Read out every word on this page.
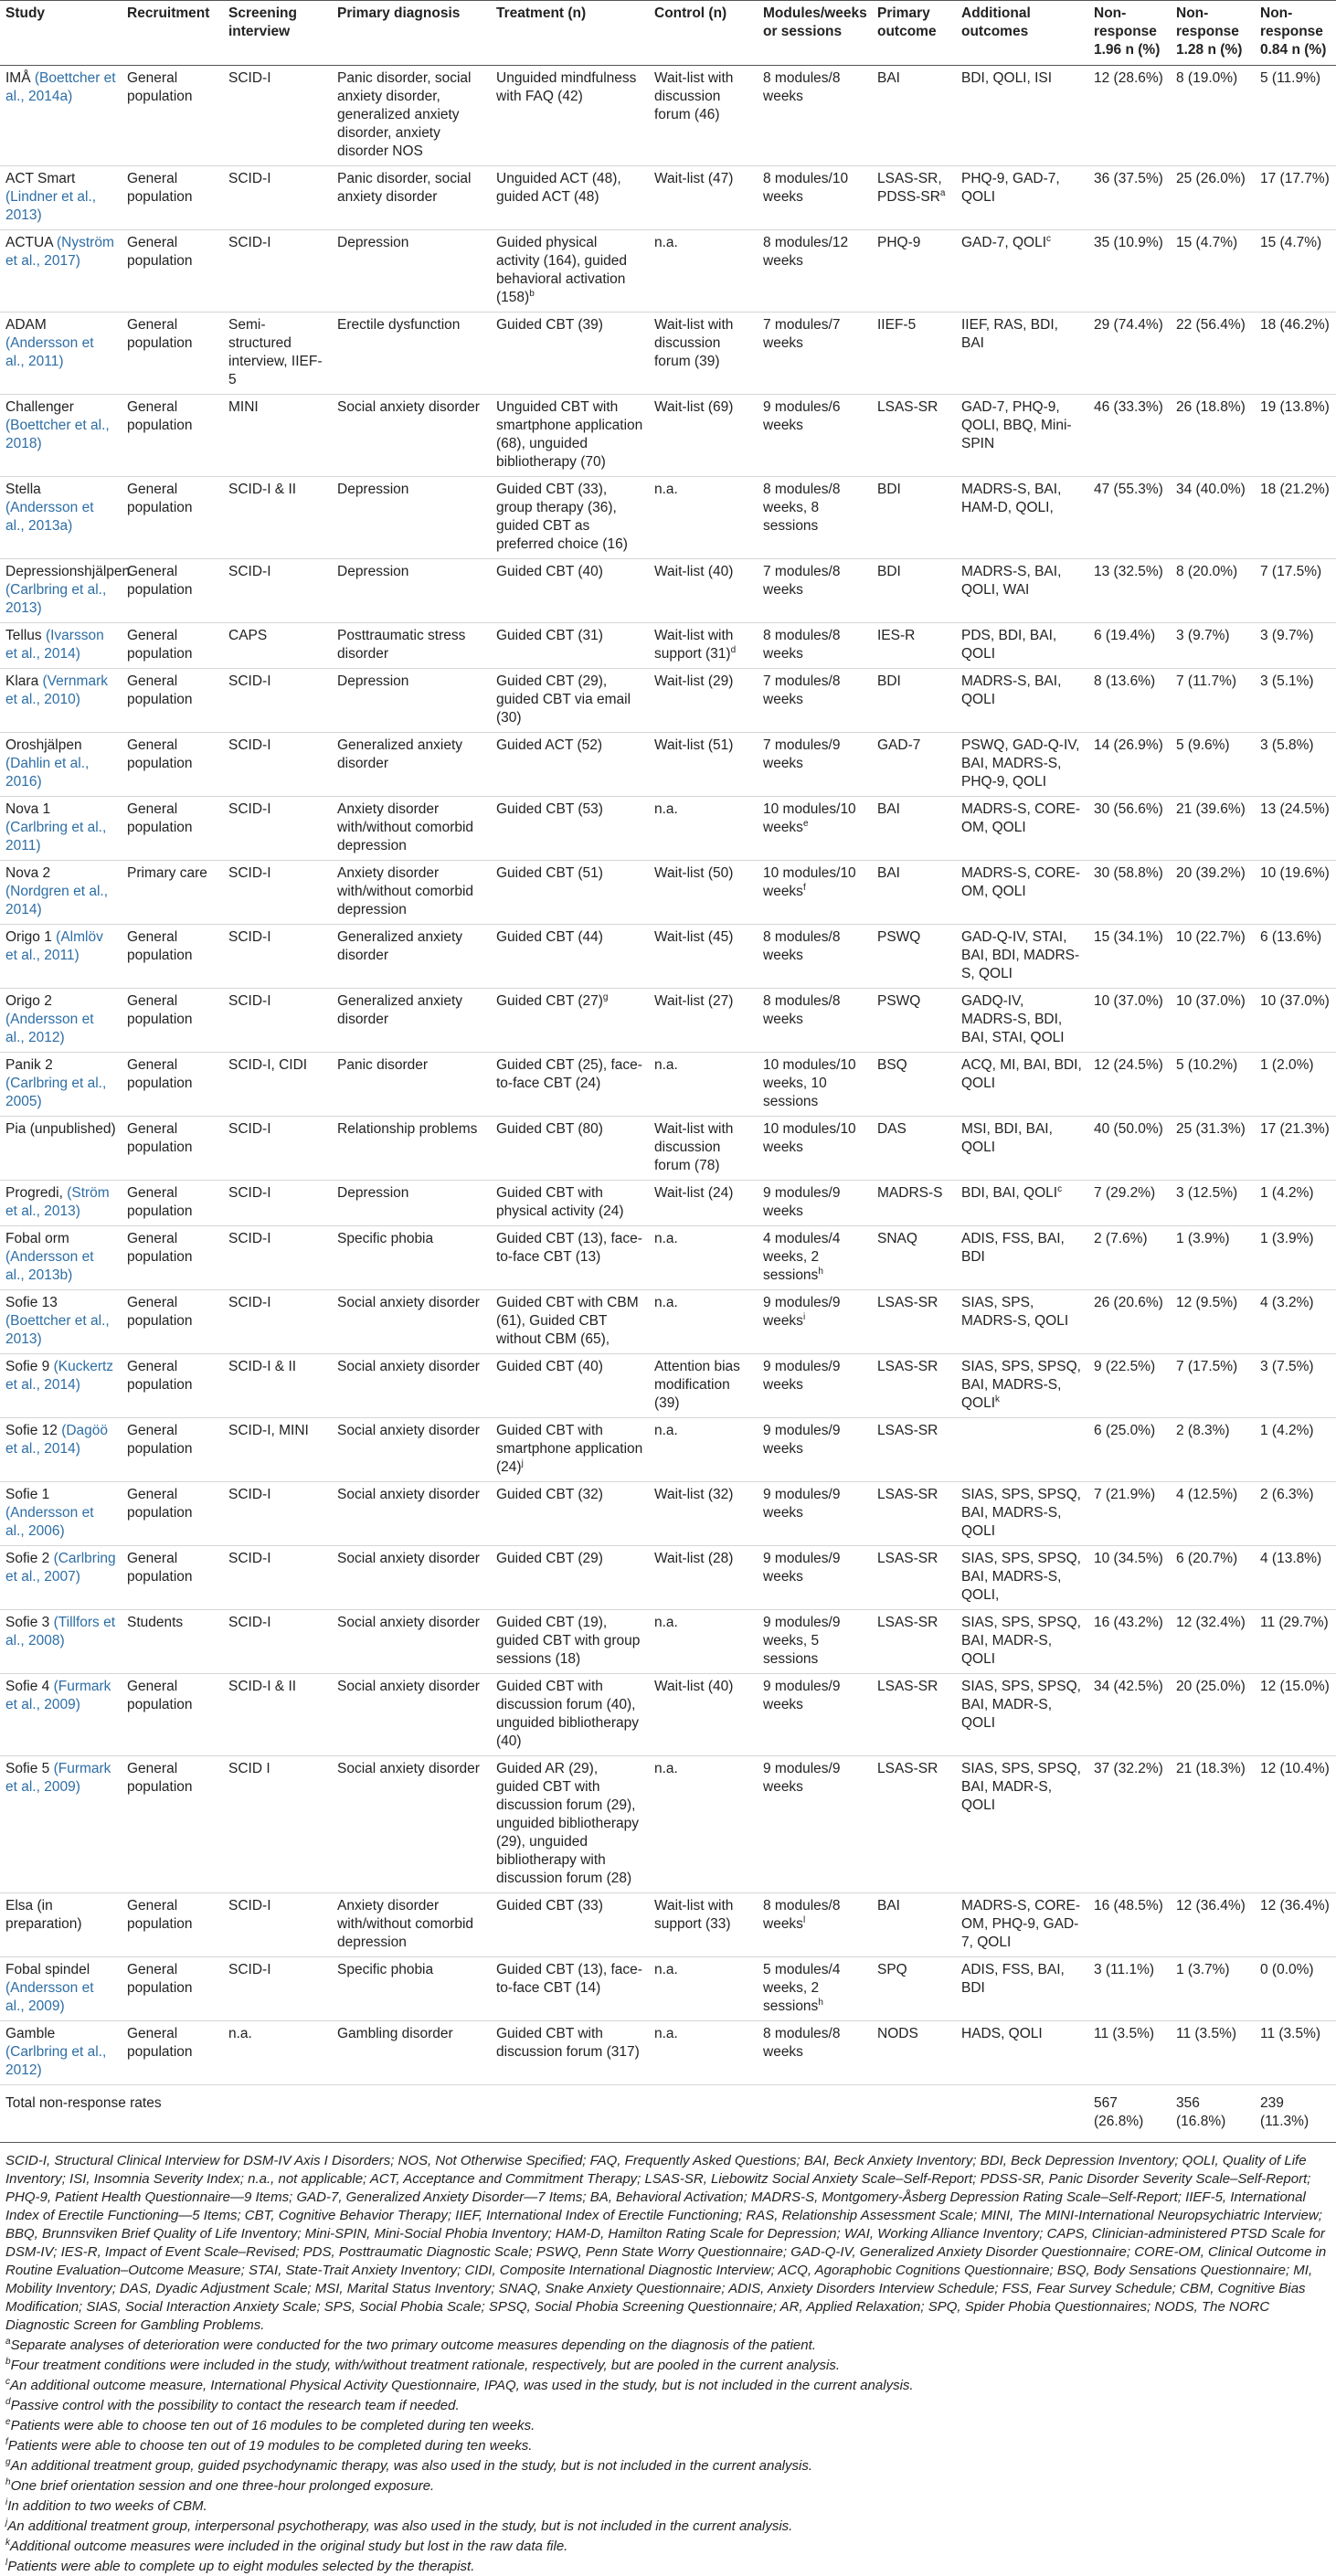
Study	Recruitment	Screening interview	Primary diagnosis	Treatment (n)	Control (n)	Modules/weeks or sessions	Primary outcome	Additional outcomes	Non-response 1.96 n (%)	Non-response 1.28 n (%)	Non-response 0.84 n (%)
IMÅ (Boettcher et al., 2014a)	General population	SCID-I	Panic disorder, social anxiety disorder, generalized anxiety disorder, anxiety disorder NOS	Unguided mindfulness with FAQ (42)	Wait-list with discussion forum (46)	8 modules/8 weeks	BAI	BDI, QOLI, ISI	12 (28.6%)	8 (19.0%)	5 (11.9%)
ACT Smart (Lindner et al., 2013)	General population	SCID-I	Panic disorder, social anxiety disorder	Unguided ACT (48), guided ACT (48)	Wait-list (47)	8 modules/10 weeks	LSAS-SR, PDSS-$SR^a$	PHQ-9, GAD-7, QOLI	36 (37.5%)	25 (26.0%)	17 (17.7%)
ACTUA (Nyström et al., 2017)	General population	SCID-I	Depression	Guided physical activity (164), guided behavioral activation $(158)^b$	n.a.	8 modules/12 weeks	PHQ-9	GAD-7, QOLI$^c$	35 (10.9%)	15 (4.7%)	15 (4.7%)
ADAM (Andersson et al., 2011)	General population	Semi-structured interview, IIEF-5	Erectile dysfunction	Guided CBT (39)	Wait-list with discussion forum (39)	7 modules/7 weeks	IIEF-5	IIEF, RAS, BDI, BAI	29 (74.4%)	22 (56.4%)	18 (46.2%)
Challenger (Boettcher et al., 2018)	General population	MINI	Social anxiety disorder	Unguided CBT with smartphone application (68), unguided bibliotherapy (70)	Wait-list (69)	9 modules/6 weeks	LSAS-SR	GAD-7, PHQ-9, QOLI, BBQ, Mini-SPIN	46 (33.3%)	26 (18.8%)	19 (13.8%)
Stella (Andersson et al., 2013a)	General population	SCID-I & II	Depression	Guided CBT (33), group therapy (36), guided CBT as preferred choice (16)	n.a.	8 modules/8 weeks, 8 sessions	BDI	MADRS-S, BAI, HAM-D, QOLI,	47 (55.3%)	34 (40.0%)	18 (21.2%)
Depressionshjälpen (Carlbring et al., 2013)	General population	SCID-I	Depression	Guided CBT (40)	Wait-list (40)	7 modules/8 weeks	BDI	MADRS-S, BAI, QOLI, WAI	13 (32.5%)	8 (20.0%)	7 (17.5%)
Tellus (Ivarsson et al., 2014)	General population	CAPS	Posttraumatic stress disorder	Guided CBT (31)	Wait-list with support $(31)^d$	8 modules/8 weeks	IES-R	PDS, BDI, BAI, QOLI	6 (19.4%)	3 (9.7%)	3 (9.7%)
Klara (Vernmark et al., 2010)	General population	SCID-I	Depression	Guided CBT (29), guided CBT via email (30)	Wait-list (29)	7 modules/8 weeks	BDI	MADRS-S, BAI, QOLI	8 (13.6%)	7 (11.7%)	3 (5.1%)
Oroshjälpen (Dahlin et al., 2016)	General population	SCID-I	Generalized anxiety disorder	Guided ACT (52)	Wait-list (51)	7 modules/9 weeks	GAD-7	PSWQ, GAD-Q-IV, BAI, MADRS-S, PHQ-9, QOLI	14 (26.9%)	5 (9.6%)	3 (5.8%)
Nova 1 (Carlbring et al., 2011)	General population	SCID-I	Anxiety disorder with/without comorbid depression	Guided CBT (53)	n.a.	10 modules/10 weeks$^e$	BAI	MADRS-S, CORE-OM, QOLI	30 (56.6%)	21 (39.6%)	13 (24.5%)
Nova 2 (Nordgren et al., 2014)	Primary care	SCID-I	Anxiety disorder with/without comorbid depression	Guided CBT (51)	Wait-list (50)	10 modules/10 weeks$^f$	BAI	MADRS-S, CORE-OM, QOLI	30 (58.8%)	20 (39.2%)	10 (19.6%)
Origo 1 (Almlöv et al., 2011)	General population	SCID-I	Generalized anxiety disorder	Guided CBT (44)	Wait-list (45)	8 modules/8 weeks	PSWQ	GAD-Q-IV, STAI, BAI, BDI, MADRS-S, QOLI	15 (34.1%)	10 (22.7%)	6 (13.6%)
Origo 2 (Andersson et al., 2012)	General population	SCID-I	Generalized anxiety disorder	Guided CBT $(27)^g$	Wait-list (27)	8 modules/8 weeks	PSWQ	GADQ-IV, MADRS-S, BDI, BAI, STAI, QOLI	10 (37.0%)	10 (37.0%)	10 (37.0%)
Panik 2 (Carlbring et al., 2005)	General population	SCID-I, CIDI	Panic disorder	Guided CBT (25), face-to-face CBT (24)	n.a.	10 modules/10 weeks, 10 sessions	BSQ	ACQ, MI, BAI, BDI, QOLI	12 (24.5%)	5 (10.2%)	1 (2.0%)
Pia (unpublished)	General population	SCID-I	Relationship problems	Guided CBT (80)	Wait-list with discussion forum (78)	10 modules/10 weeks	DAS	MSI, BDI, BAI, QOLI	40 (50.0%)	25 (31.3%)	17 (21.3%)
Progredi, (Ström et al., 2013)	General population	SCID-I	Depression	Guided CBT with physical activity (24)	Wait-list (24)	9 modules/9 weeks	MADRS-S	BDI, BAI, QOLI$^c$	7 (29.2%)	3 (12.5%)	1 (4.2%)
Fobal orm (Andersson et al., 2013b)	General population	SCID-I	Specific phobia	Guided CBT (13), face-to-face CBT (13)	n.a.	4 modules/4 weeks, 2 sessions$^h$	SNAQ	ADIS, FSS, BAI, BDI	2 (7.6%)	1 (3.9%)	1 (3.9%)
Sofie 13 (Boettcher et al., 2013)	General population	SCID-I	Social anxiety disorder	Guided CBT with CBM (61), Guided CBT without CBM (65),	n.a.	9 modules/9 weeks$^i$	LSAS-SR	SIAS, SPS, MADRS-S, QOLI	26 (20.6%)	12 (9.5%)	4 (3.2%)
Sofie 9 (Kuckertz et al., 2014)	General population	SCID-I & II	Social anxiety disorder	Guided CBT (40)	Attention bias modification (39)	9 modules/9 weeks	LSAS-SR	SIAS, SPS, SPSQ, BAI, MADRS-S, QOLI$^k$	9 (22.5%)	7 (17.5%)	3 (7.5%)
Sofie 12 (Dagöö et al., 2014)	General population	SCID-I, MINI	Social anxiety disorder	Guided CBT with smartphone application $(24)^j$	n.a.	9 modules/9 weeks	LSAS-SR		6 (25.0%)	2 (8.3%)	1 (4.2%)
Sofie 1 (Andersson et al., 2006)	General population	SCID-I	Social anxiety disorder	Guided CBT (32)	Wait-list (32)	9 modules/9 weeks	LSAS-SR	SIAS, SPS, SPSQ, BAI, MADRS-S, QOLI	7 (21.9%)	4 (12.5%)	2 (6.3%)
Sofie 2 (Carlbring et al., 2007)	General population	SCID-I	Social anxiety disorder	Guided CBT (29)	Wait-list (28)	9 modules/9 weeks	LSAS-SR	SIAS, SPS, SPSQ, BAI, MADRS-S, QOLI,	10 (34.5%)	6 (20.7%)	4 (13.8%)
Sofie 3 (Tillfors et al., 2008)	Students	SCID-I	Social anxiety disorder	Guided CBT (19), guided CBT with group sessions (18)	n.a.	9 modules/9 weeks, 5 sessions	LSAS-SR	SIAS, SPS, SPSQ, BAI, MADR-S, QOLI	16 (43.2%)	12 (32.4%)	11 (29.7%)
Sofie 4 (Furmark et al., 2009)	General population	SCID-I & II	Social anxiety disorder	Guided CBT with discussion forum (40), unguided bibliotherapy (40)	Wait-list (40)	9 modules/9 weeks	LSAS-SR	SIAS, SPS, SPSQ, BAI, MADR-S, QOLI	34 (42.5%)	20 (25.0%)	12 (15.0%)
Sofie 5 (Furmark et al., 2009)	General population	SCID I	Social anxiety disorder	Guided AR (29), guided CBT with discussion forum (29), unguided bibliotherapy (29), unguided bibliotherapy with discussion forum (28)	n.a.	9 modules/9 weeks	LSAS-SR	SIAS, SPS, SPSQ, BAI, MADR-S, QOLI	37 (32.2%)	21 (18.3%)	12 (10.4%)
Elsa (in preparation)	General population	SCID-I	Anxiety disorder with/without comorbid depression	Guided CBT (33)	Wait-list with support (33)	8 modules/8 weeks$^l$	BAI	MADRS-S, CORE-OM, PHQ-9, GAD-7, QOLI	16 (48.5%)	12 (36.4%)	12 (36.4%)
Fobal spindel (Andersson et al., 2009)	General population	SCID-I	Specific phobia	Guided CBT (13), face-to-face CBT (14)	n.a.	5 modules/4 weeks, 2 sessions$^h$	SPQ	ADIS, FSS, BAI, BDI	3 (11.1%)	1 (3.7%)	0 (0.0%)
Gamble (Carlbring et al., 2012)	General population	n.a.	Gambling disorder	Guided CBT with discussion forum (317)	n.a.	8 modules/8 weeks	NODS	HADS, QOLI	11 (3.5%)	11 (3.5%)	11 (3.5%)
Total non-response rates									567 (26.8%)	356 (16.8%)	239 (11.3%)

SCID-I, Structural Clinical Interview for DSM-IV Axis I Disorders; NOS, Not Otherwise Specified; FAQ, Frequently Asked Questions; BAI, Beck Anxiety Inventory; BDI, Beck Depression Inventory; QOLI, Quality of Life Inventory; ISI, Insomnia Severity Index; n.a., not applicable; ACT, Acceptance and Commitment Therapy; LSAS-SR, Liebowitz Social Anxiety Scale–Self-Report; PDSS-SR, Panic Disorder Severity Scale–Self-Report; PHQ-9, Patient Health Questionnaire—9 Items; GAD-7, Generalized Anxiety Disorder—7 Items; BA, Behavioral Activation; MADRS-S, Montgomery-Åsberg Depression Rating Scale–Self-Report; IIEF-5, International Index of Erectile Functioning—5 Items; CBT, Cognitive Behavior Therapy; IIEF, International Index of Erectile Functioning; RAS, Relationship Assessment Scale; MINI, The MINI-International Neuropsychiatric Interview; BBQ, Brunnsviken Brief Quality of Life Inventory; Mini-SPIN, Mini-Social Phobia Inventory; HAM-D, Hamilton Rating Scale for Depression; WAI, Working Alliance Inventory; CAPS, Clinician-administered PTSD Scale for DSM-IV; IES-R, Impact of Event Scale–Revised; PDS, Posttraumatic Diagnostic Scale; PSWQ, Penn State Worry Questionnaire; GAD-Q-IV, Generalized Anxiety Disorder Questionnaire; CORE-OM, Clinical Outcome in Routine Evaluation–Outcome Measure; STAI, State-Trait Anxiety Inventory; CIDI, Composite International Diagnostic Interview; ACQ, Agoraphobic Cognitions Questionnaire; BSQ, Body Sensations Questionnaire; MI, Mobility Inventory; DAS, Dyadic Adjustment Scale; MSI, Marital Status Inventory; SNAQ, Snake Anxiety Questionnaire; ADIS, Anxiety Disorders Interview Schedule; FSS, Fear Survey Schedule; CBM, Cognitive Bias Modification; SIAS, Social Interaction Anxiety Scale; SPS, Social Phobia Scale; SPSQ, Social Phobia Screening Questionnaire; AR, Applied Relaxation; SPQ, Spider Phobia Questionnaires; NODS, The NORC Diagnostic Screen for Gambling Problems.

$^a$Separate analyses of deterioration were conducted for the two primary outcome measures depending on the diagnosis of the patient.

$^b$Four treatment conditions were included in the study, with/without treatment rationale, respectively, but are pooled in the current analysis.

$^c$An additional outcome measure, International Physical Activity Questionnaire, IPAQ, was used in the study, but is not included in the current analysis.

$^d$Passive control with the possibility to contact the research team if needed.

$^e$Patients were able to choose ten out of 16 modules to be completed during ten weeks.

$^f$Patients were able to choose ten out of 19 modules to be completed during ten weeks.

$^g$An additional treatment group, guided psychodynamic therapy, was also used in the study, but is not included in the current analysis.

$^h$One brief orientation session and one three-hour prolonged exposure.

$^i$In addition to two weeks of CBM.

$^j$An additional treatment group, interpersonal psychotherapy, was also used in the study, but is not included in the current analysis.

$^k$Additional outcome measures were included in the original study but lost in the raw data file.

$^l$Patients were able to complete up to eight modules selected by the therapist.
